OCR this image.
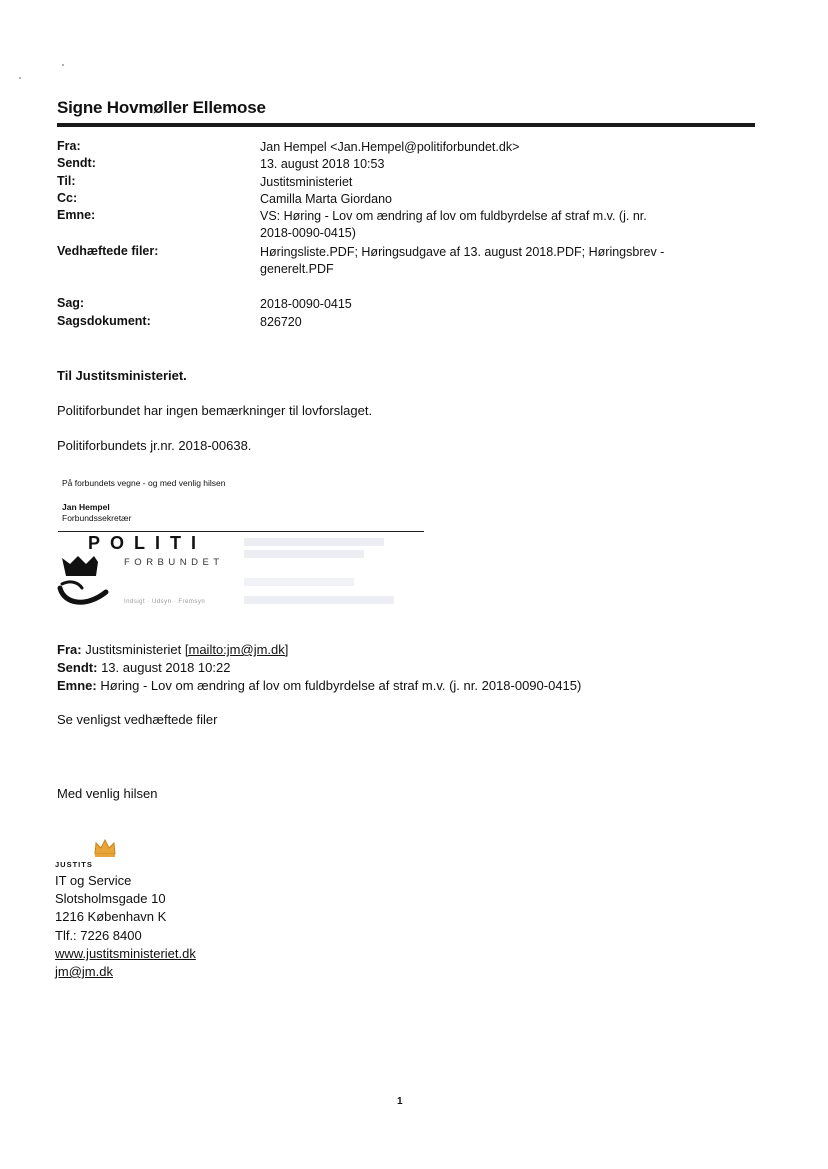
Signe Hovmøller Ellemose
Fra:	Jan Hempel <Jan.Hempel@politiforbundet.dk>
Sendt:	13. august 2018 10:53
Til:	Justitsministeriet
Cc:	Camilla Marta Giordano
Emne:	VS: Høring - Lov om ændring af lov om fuldbyrdelse af straf m.v. (j. nr.
2018-0090-0415)
Vedhæftede filer:	Høringsliste.PDF; Høringsudgave af 13. august 2018.PDF; Høringsbrev -
generelt.PDF
Sag:	2018-0090-0415
Sagsdokument:	826720
Til Justitsministeriet.
Politiforbundet har ingen bemærkninger til lovforslaget.
Politiforbundets jr.nr. 2018-00638.
På forbundets vegne - og med venlig hilsen
Jan Hempel
Forbundssekretær
POLITI
FORBUNDET
Indsigt · Udsyn · Fremsyn
Fra: Justitsministeriet [mailto:jm@jm.dk]
Sendt: 13. august 2018 10:22
Emne: Høring - Lov om ændring af lov om fuldbyrdelse af straf m.v. (j. nr. 2018-0090-0415)
Se venligst vedhæftede filer
Med venlig hilsen
JUSTITS
IT og Service
Slotsholmsgade 10
1216 København K
Tlf.: 7226 8400
www.justitsministeriet.dk
jm@jm.dk
1
